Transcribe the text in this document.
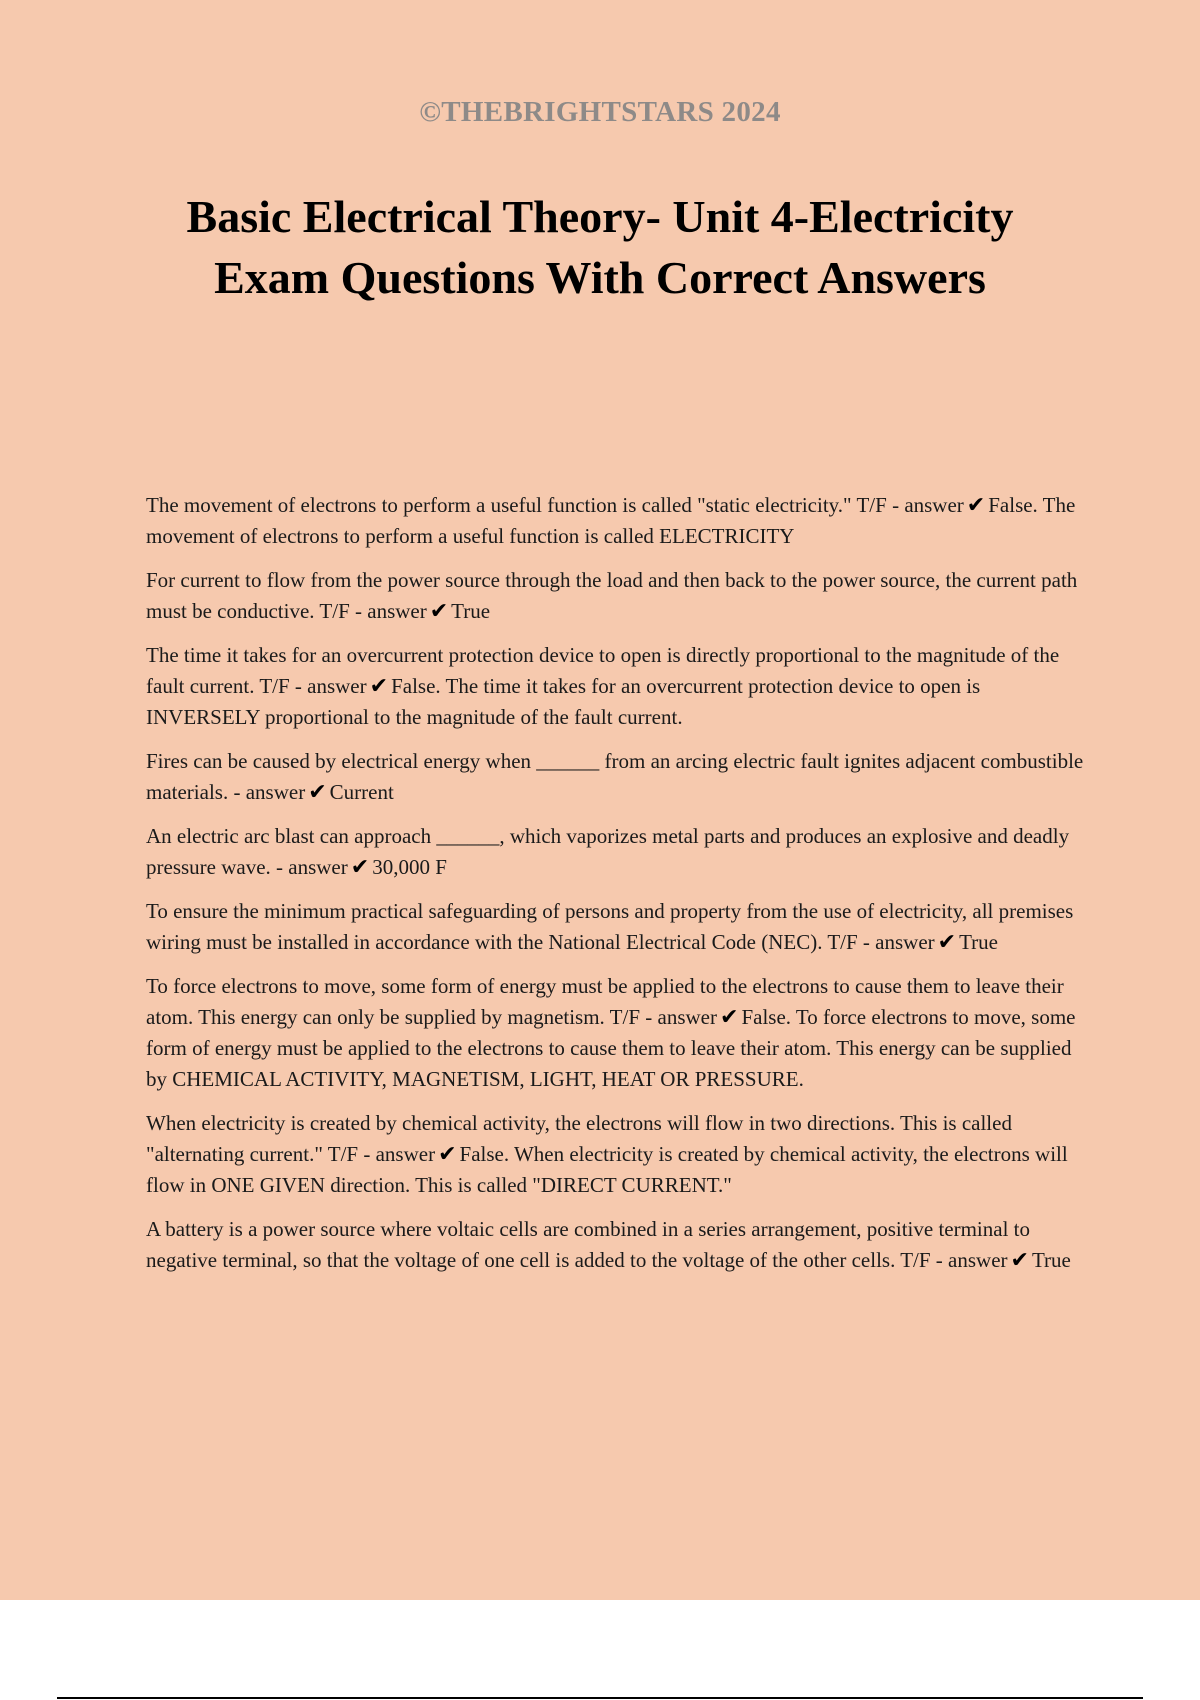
©THEBRIGHTSTARS 2024
Basic Electrical Theory- Unit 4-Electricity
Exam Questions With Correct Answers
The movement of electrons to perform a useful function is called "static electricity." T/F - answer ✔ False. The movement of electrons to perform a useful function is called ELECTRICITY
For current to flow from the power source through the load and then back to the power source, the current path must be conductive. T/F - answer ✔ True
The time it takes for an overcurrent protection device to open is directly proportional to the magnitude of the fault current. T/F - answer ✔ False. The time it takes for an overcurrent protection device to open is INVERSELY proportional to the magnitude of the fault current.
Fires can be caused by electrical energy when ______ from an arcing electric fault ignites adjacent combustible materials. - answer ✔ Current
An electric arc blast can approach ______, which vaporizes metal parts and produces an explosive and deadly pressure wave. - answer ✔ 30,000 F
To ensure the minimum practical safeguarding of persons and property from the use of electricity, all premises wiring must be installed in accordance with the National Electrical Code (NEC). T/F - answer ✔ True
To force electrons to move, some form of energy must be applied to the electrons to cause them to leave their atom. This energy can only be supplied by magnetism. T/F - answer ✔ False. To force electrons to move, some form of energy must be applied to the electrons to cause them to leave their atom. This energy can be supplied by CHEMICAL ACTIVITY, MAGNETISM, LIGHT, HEAT OR PRESSURE.
When electricity is created by chemical activity, the electrons will flow in two directions. This is called "alternating current." T/F - answer ✔ False. When electricity is created by chemical activity, the electrons will flow in ONE GIVEN direction. This is called "DIRECT CURRENT."
A battery is a power source where voltaic cells are combined in a series arrangement, positive terminal to negative terminal, so that the voltage of one cell is added to the voltage of the other cells. T/F - answer ✔ True
